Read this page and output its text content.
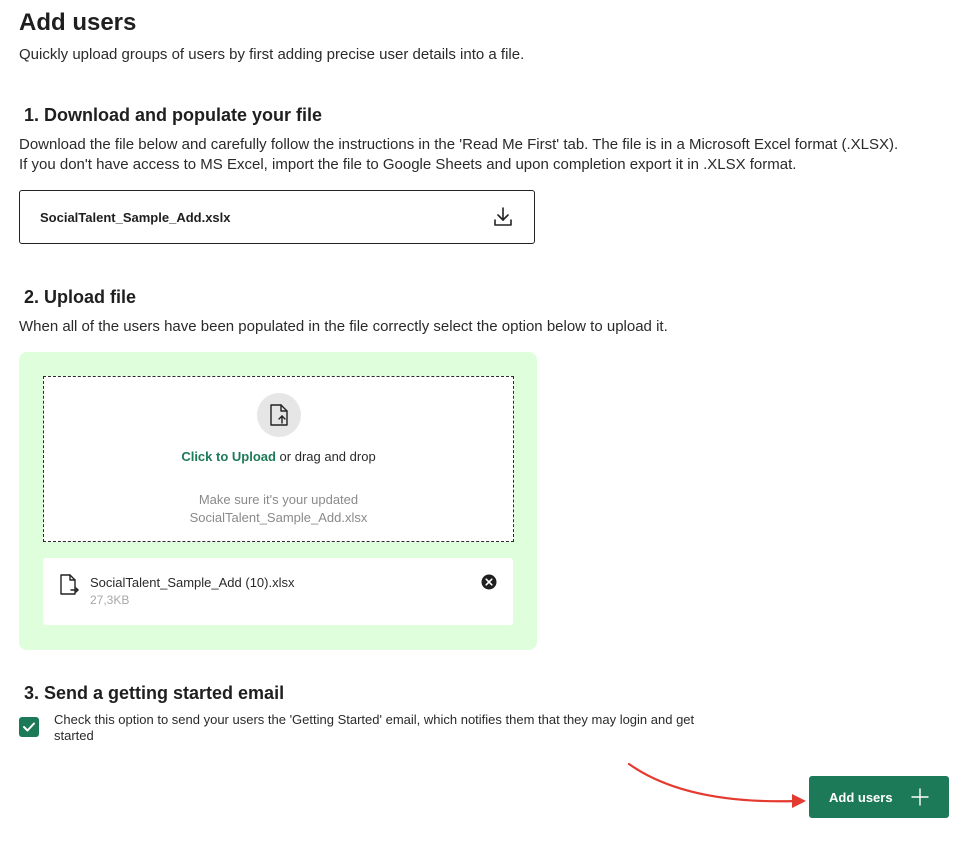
Add users
Quickly upload groups of users by first adding precise user details into a file.
1. Download and populate your file
Download the file below and carefully follow the instructions in the 'Read Me First' tab. The file is in a Microsoft Excel format (.XLSX).
If you don't have access to MS Excel, import the file to Google Sheets and upon completion export it in .XLSX format.
SocialTalent_Sample_Add.xslx
2. Upload file
When all of the users have been populated in the file correctly select the option below to upload it.
Click to Upload or drag and drop
Make sure it's your updated
SocialTalent_Sample_Add.xlsx
SocialTalent_Sample_Add (10).xlsx
27,3KB
3. Send a getting started email
Check this option to send your users the 'Getting Started' email, which notifies them that they may login and get started
Add users
